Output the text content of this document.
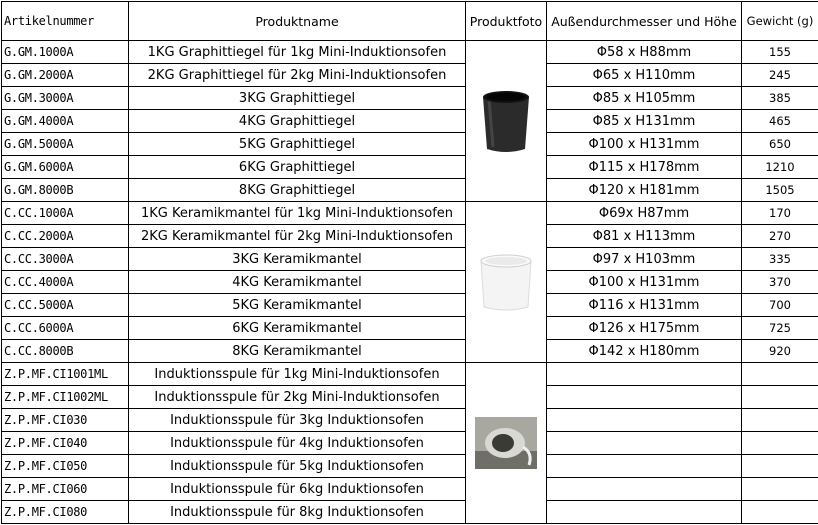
Artikelnummer	Produktname	Produktfoto	Außendurchmesser und Höhe	Gewicht (g)
G.GM.1000A	1KG Graphittiegel für 1kg Mini-Induktionsofen		Φ58 x H88mm	155
G.GM.2000A	2KG Graphittiegel für 2kg Mini-Induktionsofen		Φ65 x H110mm	245
G.GM.3000A	3KG Graphittiegel		Φ85 x H105mm	385
G.GM.4000A	4KG Graphittiegel		Φ85 x H131mm	465
G.GM.5000A	5KG Graphittiegel		Φ100 x H131mm	650
G.GM.6000A	6KG Graphittiegel		Φ115 x H178mm	1210
G.GM.8000B	8KG Graphittiegel		Φ120 x H181mm	1505
C.CC.1000A	1KG Keramikmantel für 1kg Mini-Induktionsofen		Φ69x H87mm	170
C.CC.2000A	2KG Keramikmantel für 2kg Mini-Induktionsofen		Φ81 x H113mm	270
C.CC.3000A	3KG Keramikmantel		Φ97 x H103mm	335
C.CC.4000A	4KG Keramikmantel		Φ100 x H131mm	370
C.CC.5000A	5KG Keramikmantel		Φ116 x H131mm	700
C.CC.6000A	6KG Keramikmantel		Φ126 x H175mm	725
C.CC.8000B	8KG Keramikmantel		Φ142 x H180mm	920
Z.P.MF.CI1001ML	Induktionsspule für 1kg Mini-Induktionsofen	

Z.P.MF.CI1002ML	Induktionsspule für 2kg Mini-Induktionsofen			
Z.P.MF.CI030	Induktionsspule für 3kg Induktionsofen			
Z.P.MF.CI040	Induktionsspule für 4kg Induktionsofen			
Z.P.MF.CI050	Induktionsspule für 5kg Induktionsofen			
Z.P.MF.CI060	Induktionsspule für 6kg Induktionsofen			
Z.P.MF.CI080	Induktionsspule für 8kg Induktionsofen			
